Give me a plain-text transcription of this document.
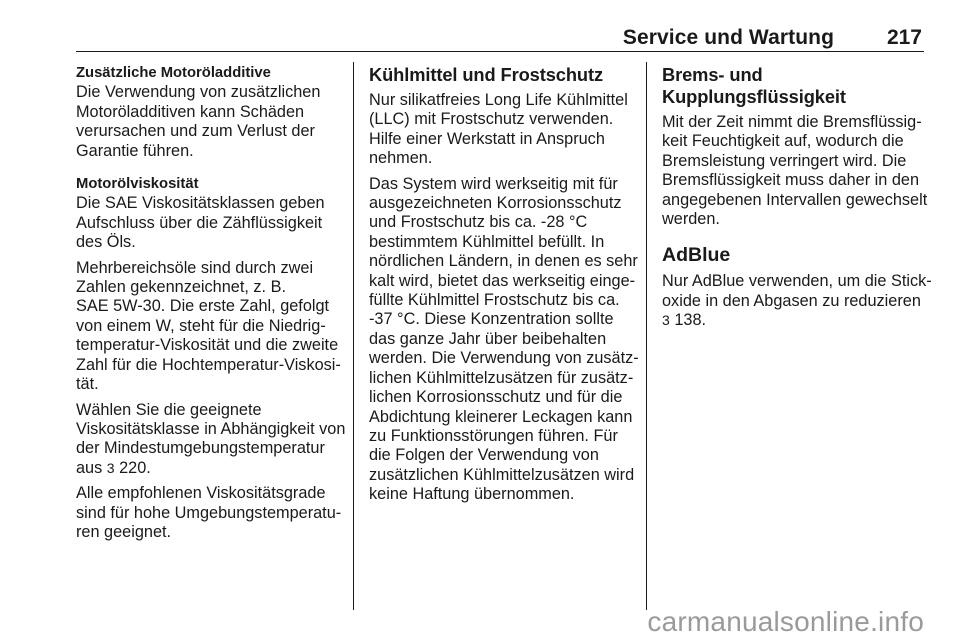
Service und Wartung	217
Zusätzliche Motoröladditive

Die Verwendung von zusätzlichen
Motoröladditiven kann Schäden
verursachen und zum Verlust der
Garantie führen.

Motorölviskosität

Die SAE Viskositätsklassen geben
Aufschluss über die Zähflüssigkeit
des Öls.

Mehrbereichsöle sind durch zwei
Zahlen gekennzeichnet, z. B.
SAE 5W-30. Die erste Zahl, gefolgt
von einem W, steht für die Niedrig-
temperatur-Viskosität und die zweite
Zahl für die Hochtemperatur-Viskosi-
tät.

Wählen Sie die geeignete
Viskositätsklasse in Abhängigkeit von
der Mindestumgebungstemperatur
aus 3 220.

Alle empfohlenen Viskositätsgrade
sind für hohe Umgebungstemperatu-
ren geeignet.

Kühlmittel und Frostschutz

Nur silikatfreies Long Life Kühlmittel
(LLC) mit Frostschutz verwenden.
Hilfe einer Werkstatt in Anspruch
nehmen.

Das System wird werkseitig mit für
ausgezeichneten Korrosionsschutz
und Frostschutz bis ca. -28 °C
bestimmtem Kühlmittel befüllt. In
nördlichen Ländern, in denen es sehr
kalt wird, bietet das werkseitig einge-
füllte Kühlmittel Frostschutz bis ca.
-37 °C. Diese Konzentration sollte
das ganze Jahr über beibehalten
werden. Die Verwendung von zusätz-
lichen Kühlmittelzusätzen für zusätz-
lichen Korrosionsschutz und für die
Abdichtung kleinerer Leckagen kann
zu Funktionsstörungen führen. Für
die Folgen der Verwendung von
zusätzlichen Kühlmittelzusätzen wird
keine Haftung übernommen.

Brems- und Kupplungsflüssigkeit

Mit der Zeit nimmt die Bremsflüssig-
keit Feuchtigkeit auf, wodurch die
Bremsleistung verringert wird. Die
Bremsflüssigkeit muss daher in den
angegebenen Intervallen gewechselt
werden.

AdBlue

Nur AdBlue verwenden, um die Stick-
oxide in den Abgasen zu reduzieren
3 138.

carmanualsonline.info
